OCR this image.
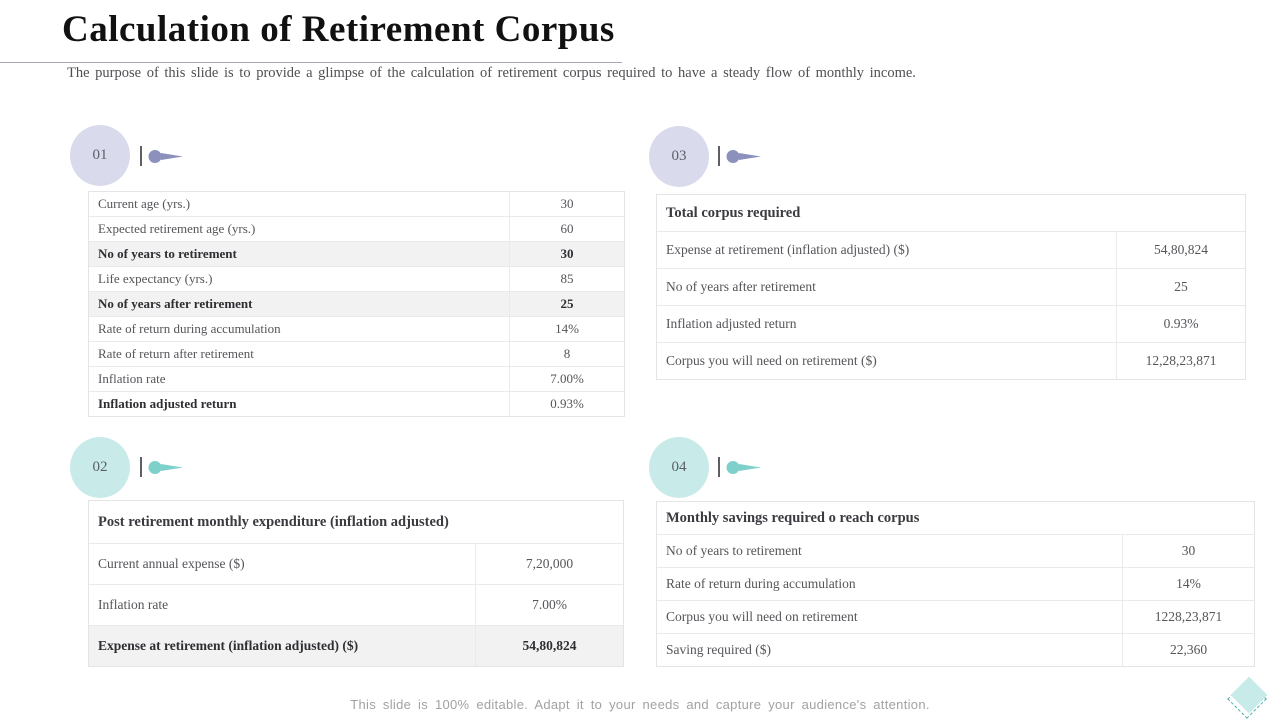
Calculation of Retirement Corpus
The purpose of this slide is to provide a glimpse of the calculation of retirement corpus required to have a steady flow of monthly income.
01
Current age (yrs.)	30
Expected retirement age (yrs.)	60
No of years to retirement	30
Life expectancy (yrs.)	85
No of years after retirement	25
Rate of return during accumulation	14%
Rate of return after retirement	8
Inflation rate	7.00%
Inflation adjusted return	0.93%
03
Total corpus required
Expense at retirement (inflation adjusted) ($)	54,80,824
No of years after retirement	25
Inflation adjusted return	0.93%
Corpus you will need on retirement ($)	12,28,23,871
02
Post retirement monthly expenditure (inflation adjusted)
Current annual expense ($)	7,20,000
Inflation rate	7.00%
Expense at retirement (inflation adjusted) ($)	54,80,824
04
Monthly savings required o reach corpus
No of years to retirement	30
Rate of return during accumulation	14%
Corpus you will need on retirement	1228,23,871
Saving required ($)	22,360
This slide is 100% editable. Adapt it to your needs and capture your audience's attention.
